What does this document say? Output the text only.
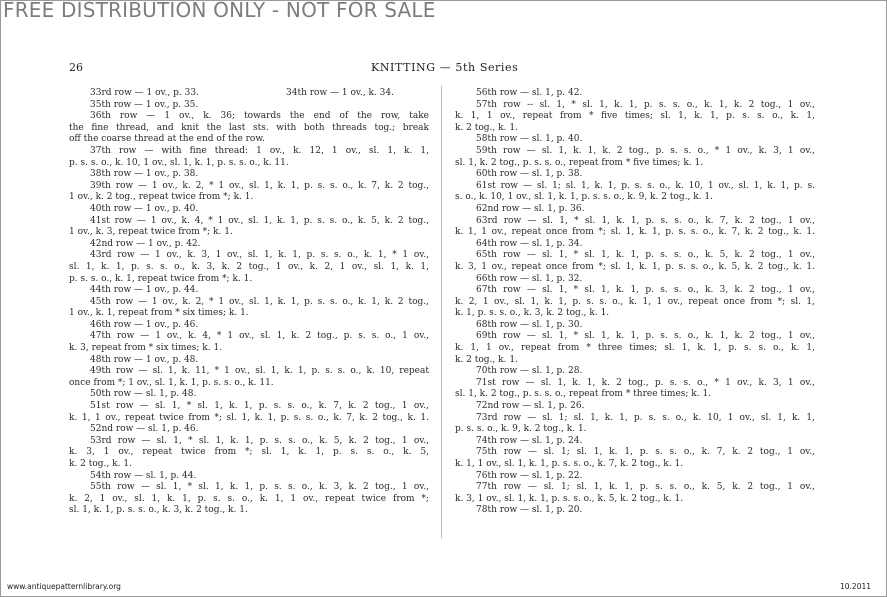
FREE DISTRIBUTION ONLY - NOT FOR SALE
26	KNITTING — 5th Series
33rd row — 1 ov., p. 33.	34th row — 1 ov., k. 34.
35th row — 1 ov., p. 35.
36th row — 1 ov., k. 36; towards the end of the row, take
the fine thread, and knit the last sts. with both threads tog.; break
off the coarse thread at the end of the row.
37th row — with fine thread: 1 ov., k. 12, 1 ov., sl. 1, k. 1,
p. s. s. o., k. 10, 1 ov., sl. 1, k. 1, p. s. s. o., k. 11.
38th row — 1 ov., p. 38.
39th row — 1 ov., k. 2, * 1 ov., sl. 1, k. 1, p. s. s. o., k. 7, k. 2 tog.,
1 ov., k. 2 tog., repeat twice from *; k. 1.
40th row — 1 ov., p. 40.
41st row — 1 ov., k. 4, * 1 ov., sl. 1, k. 1, p. s. s. o., k. 5, k. 2 tog.,
1 ov., k. 3, repeat twice from *; k. 1.
42nd row — 1 ov., p. 42.
43rd row — 1 ov., k. 3, 1 ov., sl. 1, k. 1, p. s. s. o., k. 1, * 1 ov.,
sl. 1, k. 1, p. s. s. o., k. 3, k. 2 tog., 1 ov., k. 2, 1 ov., sl. 1, k. 1,
p. s. s. o., k. 1, repeat twice from *; k. 1.
44th row — 1 ov., p. 44.
45th row — 1 ov., k. 2, * 1 ov., sl. 1, k. 1, p. s. s. o., k. 1, k. 2 tog.,
1 ov., k. 1, repeat from * six times; k. 1.
46th row — 1 ov., p. 46.
47th row — 1 ov., k. 4, * 1 ov., sl. 1, k. 2 tog., p. s. s. o., 1 ov.,
k. 3, repeat from * six times; k. 1.
48th row — 1 ov., p. 48.
49th row — sl. 1, k. 11, * 1 ov., sl. 1, k. 1, p. s. s. o., k. 10, repeat
once from *; 1 ov., sl. 1, k. 1, p. s. s. o., k. 11.
50th row — sl. 1, p. 48.
51st row — sl. 1, * sl. 1, k. 1, p. s. s. o., k. 7, k. 2 tog., 1 ov.,
k. 1, 1 ov., repeat twice from *; sl. 1, k. 1, p. s. s. o., k. 7, k. 2 tog., k. 1.
52nd row — sl. 1, p. 46.
53rd row — sl. 1, * sl. 1, k. 1, p. s. s. o., k. 5, k. 2 tog., 1 ov.,
k. 3, 1 ov., repeat twice from *; sl. 1, k. 1, p. s. s. o., k. 5,
k. 2 tog., k. 1.
54th row — sl. 1, p. 44.
55th row — sl. 1, * sl. 1, k. 1, p. s. s. o., k. 3, k. 2 tog., 1 ov.,
k. 2, 1 ov., sl. 1, k. 1, p. s. s. o., k. 1, 1 ov., repeat twice from *;
sl. 1, k. 1, p. s. s. o., k. 3, k. 2 tog., k. 1.
56th row — sl. 1, p. 42.
57th row -- sl. 1, * sl. 1, k. 1, p. s. s. o., k. 1, k. 2 tog., 1 ov.,
k. 1, 1 ov., repeat from * five times; sl. 1, k. 1, p. s. s. o., k. 1,
k. 2 tog., k. 1.
58th row — sl. 1, p. 40.
59th row — sl. 1, k. 1, k. 2 tog., p. s. s. o., * 1 ov., k. 3, 1 ov.,
sl. 1, k. 2 tog., p. s. s. o., repeat from * five times; k. 1.
60th row — sl. 1, p. 38.
61st row — sl. 1; sl. 1, k. 1, p. s. s. o., k. 10, 1 ov., sl. 1, k. 1, p. s.
s. o., k. 10, 1 ov., sl. 1, k. 1, p. s. s. o., k. 9, k. 2 tog., k. 1.
62nd row — sl. 1, p. 36.
63rd row — sl. 1, * sl. 1, k. 1, p. s. s. o., k. 7, k. 2 tog., 1 ov.,
k. 1, 1 ov., repeat once from *; sl. 1, k. 1, p. s. s. o., k. 7, k. 2 tog., k. 1.
64th row — sl. 1, p. 34.
65th row — sl. 1, * sl. 1, k. 1, p. s. s. o., k. 5, k. 2 tog., 1 ov.,
k. 3, 1 ov., repeat once from *; sl. 1, k. 1, p. s. s. o., k. 5, k. 2 tog., k. 1.
66th row — sl. 1, p. 32.
67th row — sl. 1, * sl. 1, k. 1, p. s. s. o., k. 3, k. 2 tog., 1 ov.,
k. 2, 1 ov., sl. 1, k. 1, p. s. s. o., k. 1, 1 ov., repeat once from *; sl. 1,
k. 1, p. s. s. o., k. 3, k. 2 tog., k. 1.
68th row — sl. 1, p. 30.
69th row — sl. 1, * sl. 1, k. 1, p. s. s. o., k. 1, k. 2 tog., 1 ov.,
k. 1, 1 ov., repeat from * three times; sl. 1, k. 1, p. s. s. o., k. 1,
k. 2 tog., k. 1.
70th row — sl. 1, p. 28.
71st row — sl. 1, k. 1, k. 2 tog., p. s. s. o., * 1 ov., k. 3, 1 ov.,
sl. 1, k. 2 tog., p. s. s. o., repeat from * three times; k. 1.
72nd row — sl. 1, p. 26.
73rd row — sl. 1; sl. 1, k. 1, p. s. s. o., k. 10, 1 ov., sl. 1, k. 1,
p. s. s. o., k. 9, k. 2 tog., k. 1.
74th row — sl. 1, p. 24.
75th row — sl. 1; sl. 1, k. 1, p. s. s. o., k. 7, k. 2 tog., 1 ov.,
k. 1, 1 ov., sl. 1, k. 1, p. s. s. o., k. 7, k. 2 tog., k. 1.
76th row — sl. 1, p. 22.
77th row — sl. 1; sl. 1, k. 1, p. s. s. o., k. 5, k. 2 tog., 1 ov.,
k. 3, 1 ov., sl. 1, k. 1, p. s. s. o., k. 5, k. 2 tog., k. 1.
78th row — sl. 1, p. 20.
www.antiquepatternlibrary.org	10.2011
